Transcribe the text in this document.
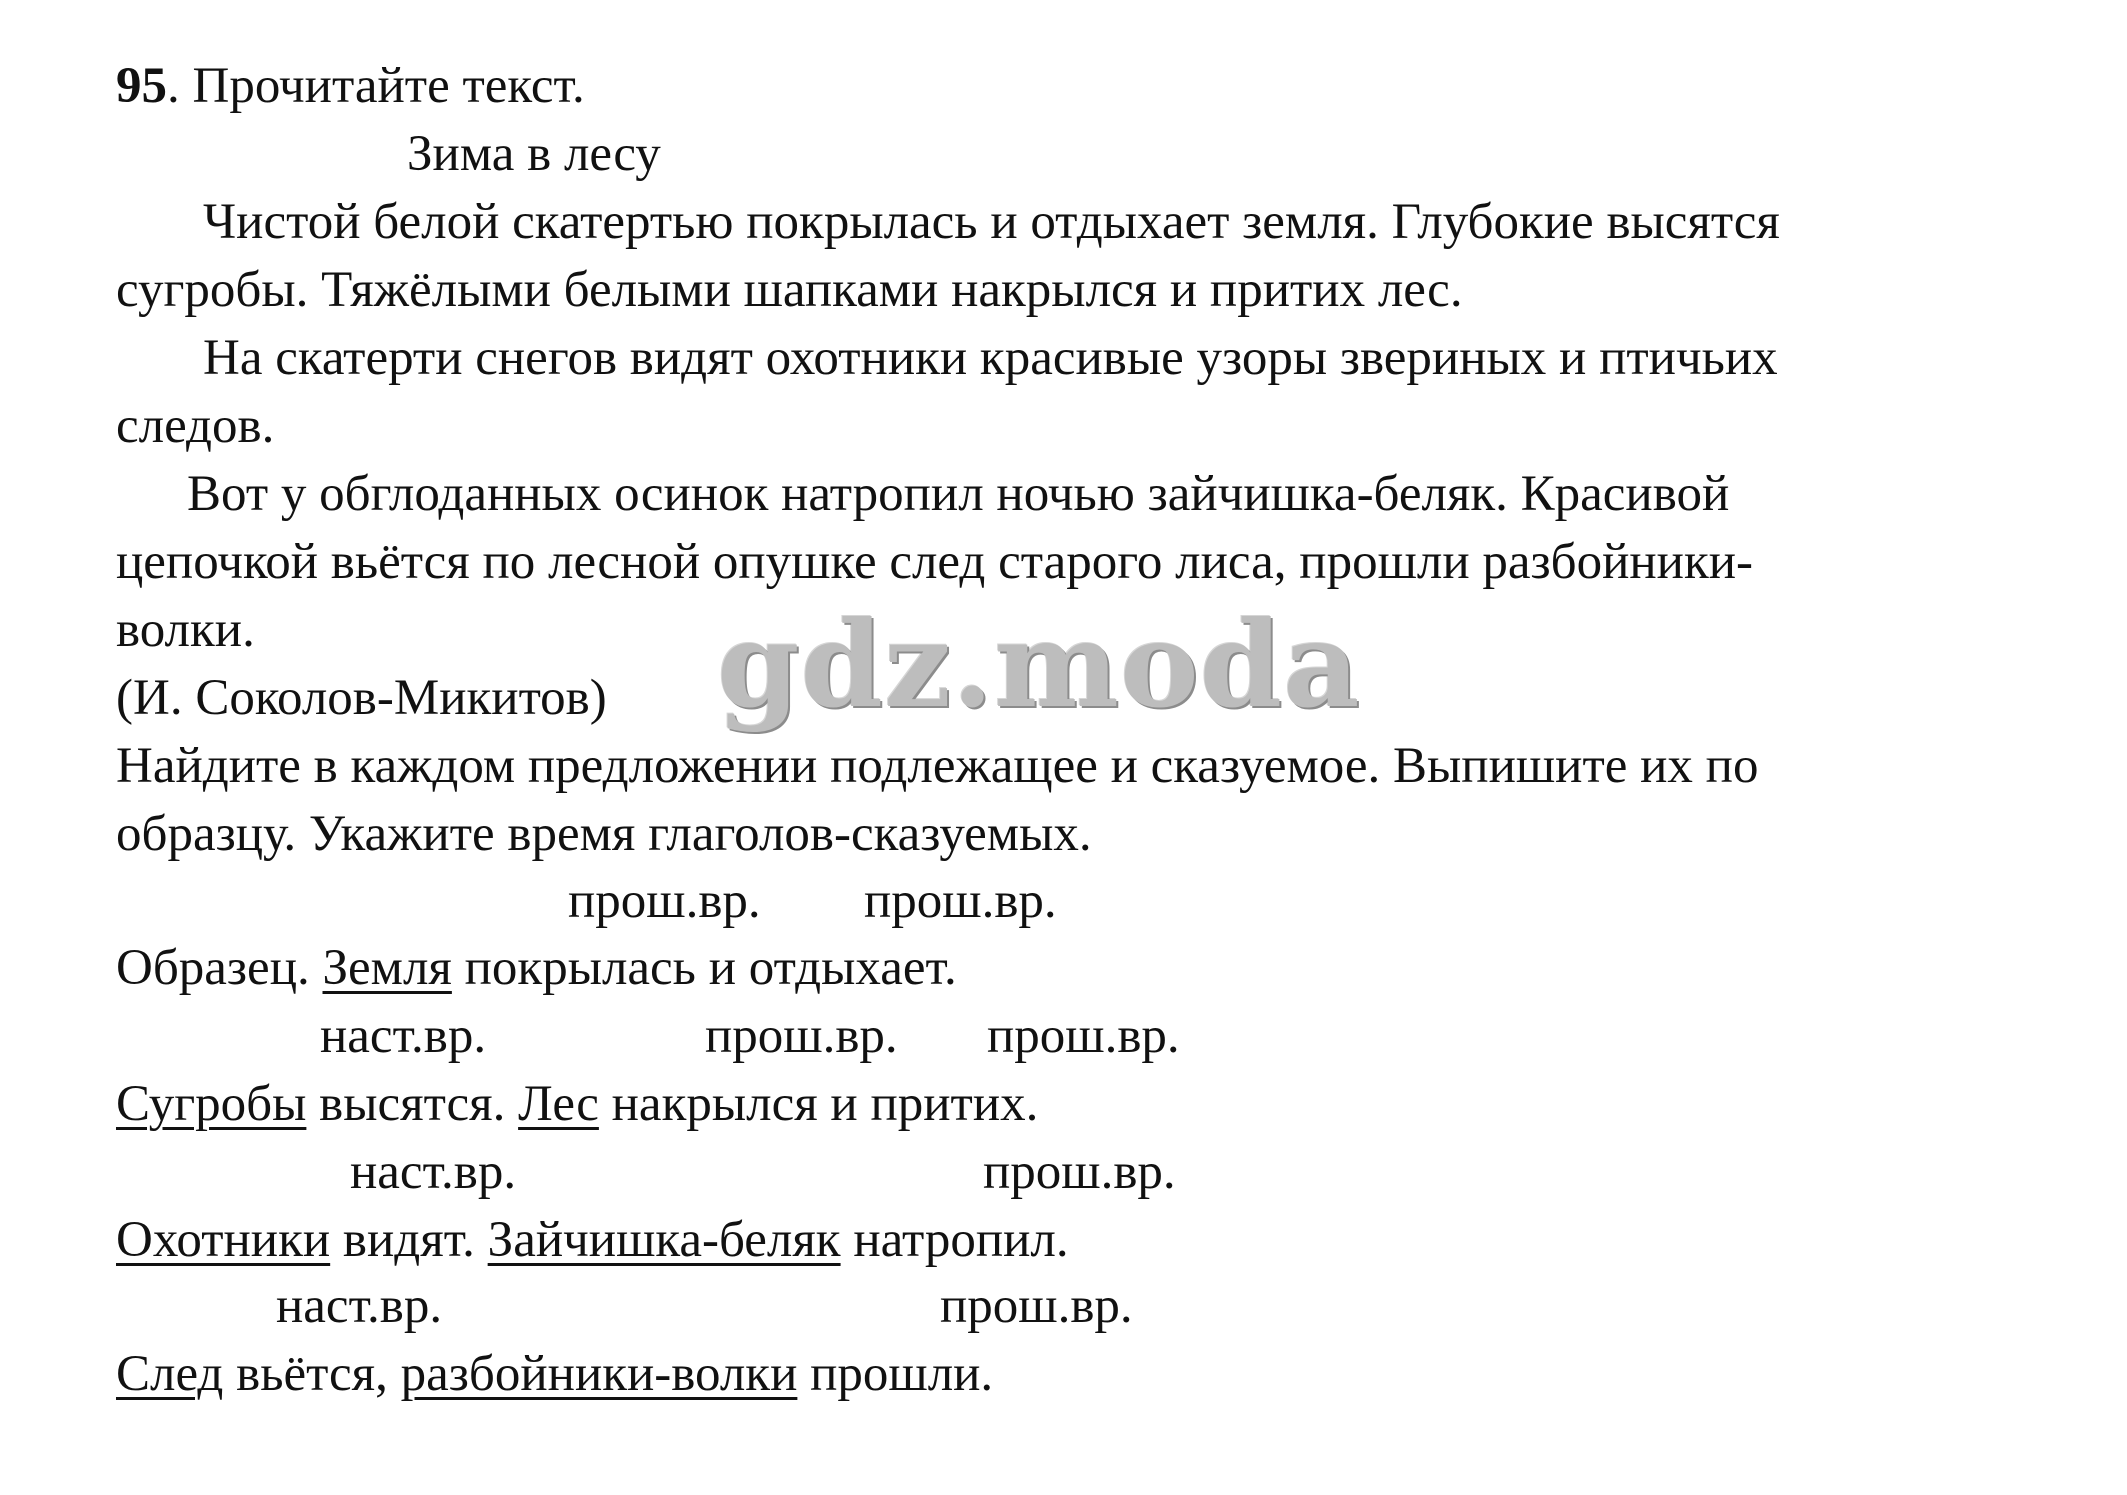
95. Прочитайте текст.
Зима в лесу
Чистой белой скатертью покрылась и отдыхает земля. Глубокие высятся
сугробы. Тяжёлыми белыми шапками накрылся и притих лес.
На скатерти снегов видят охотники красивые узоры звериных и птичьих
следов.
Вот у обглоданных осинок натропил ночью зайчишка-беляк. Красивой
цепочкой вьётся по лесной опушке след старого лиса, прошли разбойники-
волки.
(И. Соколов-Микитов) gdz.moda
Найдите в каждом предложении подлежащее и сказуемое. Выпишите их по
образцу. Укажите время глаголов-сказуемых.
прош.вр. прош.вр.
Образец. Земля покрылась и отдыхает.
наст.вр.	прош.вр. прош.вр.
Сугробы высятся. Лес накрылся и притих.
наст.вр.	прош.вр.
Охотники видят. Зайчишка-беляк натропил.
наст.вр.	прош.вр.
След вьётся, разбойники-волки прошли.
